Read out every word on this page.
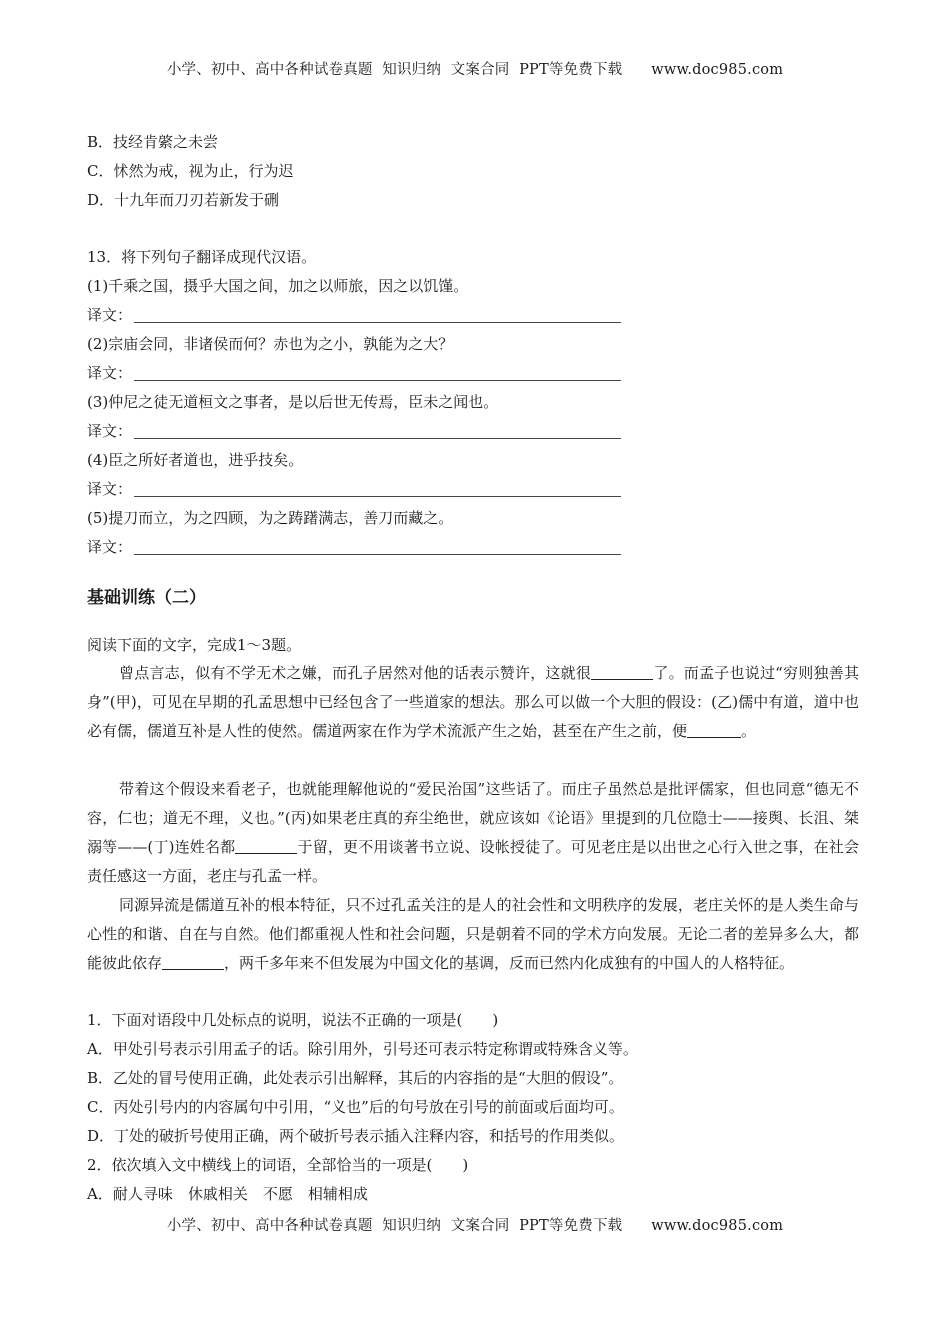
小学、初中、高中各种试卷真题  知识归纳  文案合同  PPT等免费下载      www.doc985.com
B．技经肯綮之未尝
C．怵然为戒，视为止，行为迟
D．十九年而刀刃若新发于硎
13．将下列句子翻译成现代汉语。
(1)千乘之国，摄乎大国之间，加之以师旅，因之以饥馑。
译文：
(2)宗庙会同，非诸侯而何？赤也为之小，孰能为之大？
译文：
(3)仲尼之徒无道桓文之事者，是以后世无传焉，臣未之闻也。
译文：
(4)臣之所好者道也，进乎技矣。
译文：
(5)提刀而立，为之四顾，为之踌躇满志，善刀而藏之。
译文：
基础训练（二）
阅读下面的文字，完成1～3题。
曾点言志，似有不学无术之嫌，而孔子居然对他的话表示赞许，这就很	了。而孟子也说过“穷则独善其身”(甲)，可见在早期的孔孟思想中已经包含了一些道家的想法。那么可以做一个大胆的假设：(乙)儒中有道，道中也必有儒，儒道互补是人性的使然。儒道两家在作为学术流派产生之始，甚至在产生之前，便	。
带着这个假设来看老子，也就能理解他说的“爱民治国”这些话了。而庄子虽然总是批评儒家，但也同意“德无不容，仁也；道无不理，义也。”(丙)如果老庄真的弃尘绝世，就应该如《论语》里提到的几位隐士——接舆、长沮、桀溺等——(丁)连姓名都	于留，更不用谈著书立说、设帐授徒了。可见老庄是以出世之心行入世之事，在社会责任感这一方面，老庄与孔孟一样。
同源异流是儒道互补的根本特征，只不过孔孟关注的是人的社会性和文明秩序的发展，老庄关怀的是人类生命与心性的和谐、自在与自然。他们都重视人性和社会问题，只是朝着不同的学术方向发展。无论二者的差异多么大，都能彼此依存	，两千多年来不但发展为中国文化的基调，反而已然内化成独有的中国人的人格特征。
1．下面对语段中几处标点的说明，说法不正确的一项是(　　)
A．甲处引号表示引用孟子的话。除引用外，引号还可表示特定称谓或特殊含义等。
B．乙处的冒号使用正确，此处表示引出解释，其后的内容指的是“大胆的假设”。
C．丙处引号内的内容属句中引用，“义也”后的句号放在引号的前面或后面均可。
D．丁处的破折号使用正确，两个破折号表示插入注释内容，和括号的作用类似。
2．依次填入文中横线上的词语，全部恰当的一项是(　　)
A．耐人寻味　休戚相关　不愿　相辅相成
小学、初中、高中各种试卷真题  知识归纳  文案合同  PPT等免费下载      www.doc985.com
